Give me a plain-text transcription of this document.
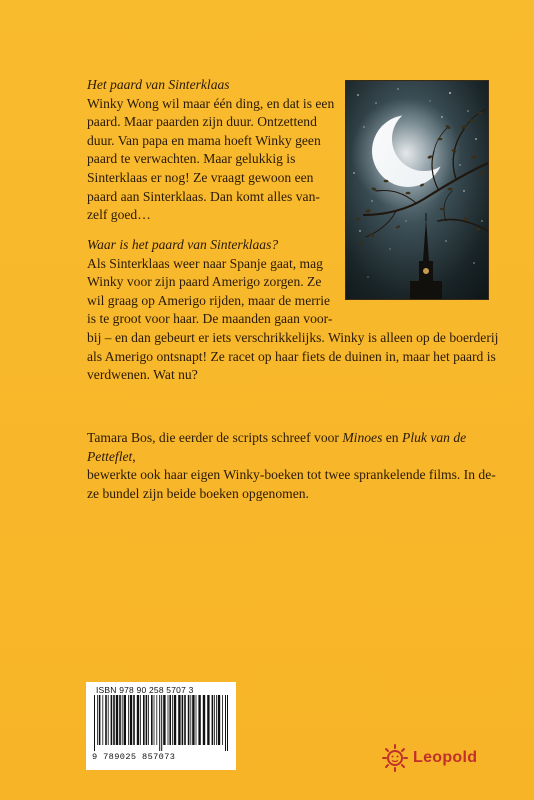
Het paard van Sinterklaas
Winky Wong wil maar één ding, en dat is een
paard. Maar paarden zijn duur. Ontzettend
duur. Van papa en mama hoeft Winky geen
paard te verwachten. Maar gelukkig is
Sinterklaas er nog! Ze vraagt gewoon een
paard aan Sinterklaas. Dan komt alles van-
zelf goed…
Waar is het paard van Sinterklaas?
Als Sinterklaas weer naar Spanje gaat, mag
Winky voor zijn paard Amerigo zorgen. Ze
wil graag op Amerigo rijden, maar de merrie
is te groot voor haar. De maanden gaan voor-
bij – en dan gebeurt er iets verschrikkelijks. Winky is alleen op de boerderij
als Amerigo ontsnapt! Ze racet op haar fiets de duinen in, maar het paard is
verdwenen. Wat nu?
Tamara Bos, die eerder de scripts schreef voor Minoes en Pluk van de Petteflet,
bewerkte ook haar eigen Winky-boeken tot twee sprankelende films. In de-
ze bundel zijn beide boeken opgenomen.
ISBN 978 90 258 5707 3
9 789025 857073	Leopold
